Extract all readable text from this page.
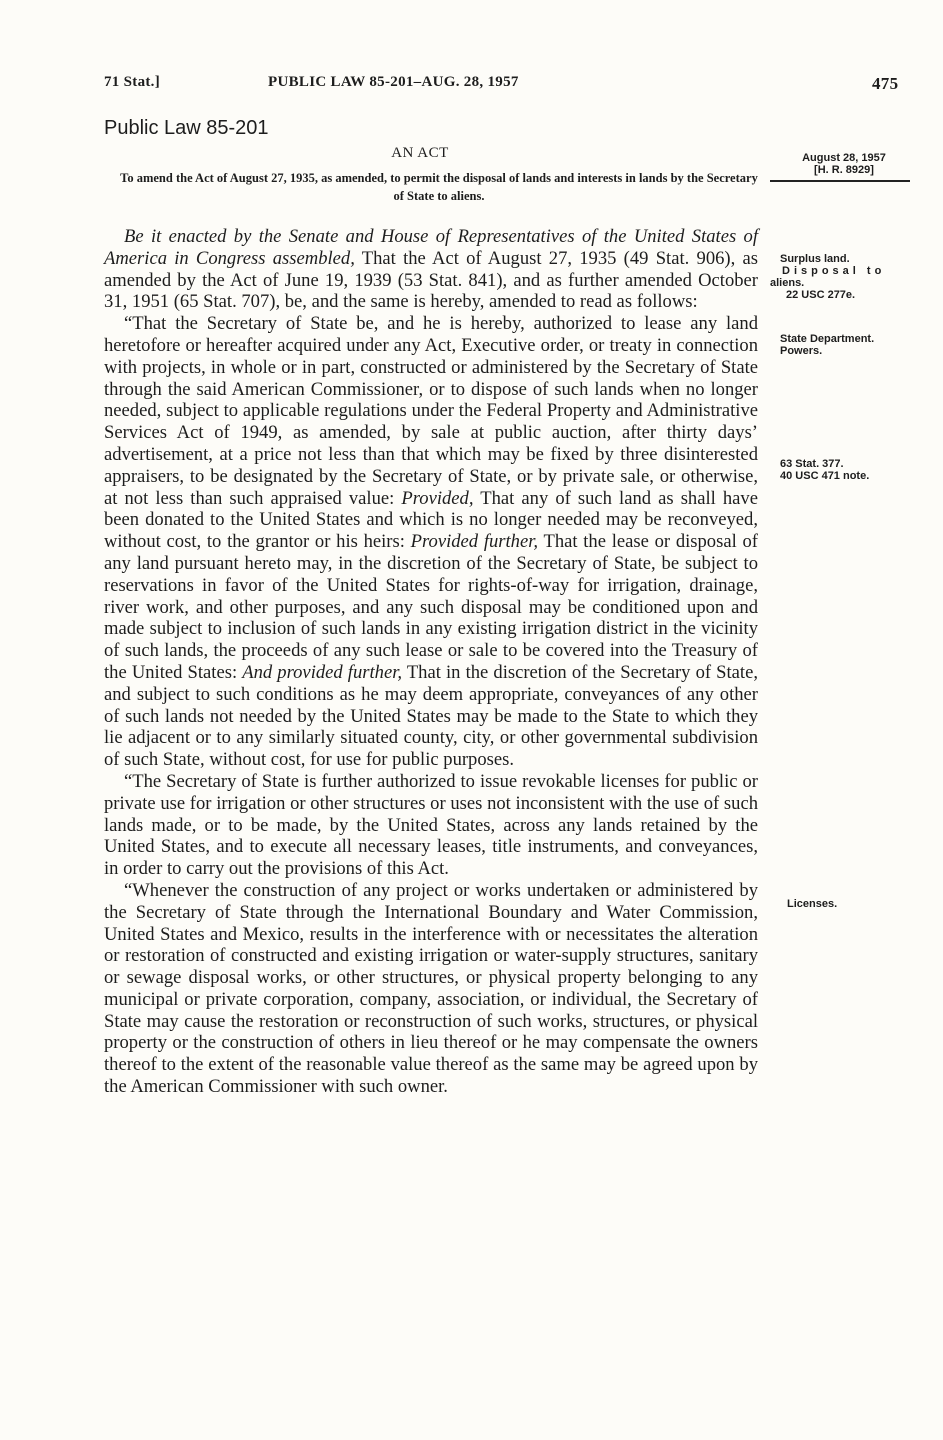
71 Stat.]	PUBLIC LAW 85-201–AUG. 28, 1957	475
Public Law 85-201
AN ACT
To amend the Act of August 27, 1935, as amended, to permit the disposal of lands and interests in lands by the Secretary of State to aliens.
August 28, 1957
[H. R. 8929]
Surplus land.
Disposal to
aliens.
22 USC 277e.
State Department.
Powers.
63 Stat. 377.
40 USC 471 note.
Licenses.

Be it enacted by the Senate and House of Representatives of the United States of America in Congress assembled, That the Act of August 27, 1935 (49 Stat. 906), as amended by the Act of June 19, 1939 (53 Stat. 841), and as further amended October 31, 1951 (65 Stat. 707), be, and the same is hereby, amended to read as follows:

“That the Secretary of State be, and he is hereby, authorized to lease any land heretofore or hereafter acquired under any Act, Executive order, or treaty in connection with projects, in whole or in part, constructed or administered by the Secretary of State through the said American Commissioner, or to dispose of such lands when no longer needed, subject to applicable regulations under the Federal Property and Administrative Services Act of 1949, as amended, by sale at public auction, after thirty days’ advertisement, at a price not less than that which may be fixed by three disinterested appraisers, to be designated by the Secretary of State, or by private sale, or otherwise, at not less than such appraised value: Provided, That any of such land as shall have been donated to the United States and which is no longer needed may be reconveyed, without cost, to the grantor or his heirs: Provided further, That the lease or disposal of any land pursuant hereto may, in the discretion of the Secretary of State, be subject to reservations in favor of the United States for rights-of-way for irrigation, drainage, river work, and other purposes, and any such disposal may be conditioned upon and made subject to inclusion of such lands in any existing irrigation district in the vicinity of such lands, the proceeds of any such lease or sale to be covered into the Treasury of the United States: And provided further, That in the discretion of the Secretary of State, and subject to such conditions as he may deem appropriate, conveyances of any other of such lands not needed by the United States may be made to the State to which they lie adjacent or to any similarly situated county, city, or other governmental subdivision of such State, without cost, for use for public purposes.

“The Secretary of State is further authorized to issue revokable licenses for public or private use for irrigation or other structures or uses not inconsistent with the use of such lands made, or to be made, by the United States, across any lands retained by the United States, and to execute all necessary leases, title instruments, and conveyances, in order to carry out the provisions of this Act.

“Whenever the construction of any project or works undertaken or administered by the Secretary of State through the International Boundary and Water Commission, United States and Mexico, results in the interference with or necessitates the alteration or restoration of constructed and existing irrigation or water-supply structures, sanitary or sewage disposal works, or other structures, or physical property belonging to any municipal or private corporation, company, association, or individual, the Secretary of State may cause the restoration or reconstruction of such works, structures, or physical property or the construction of others in lieu thereof or he may compensate the owners thereof to the extent of the reasonable value thereof as the same may be agreed upon by the American Commissioner with such owner.
